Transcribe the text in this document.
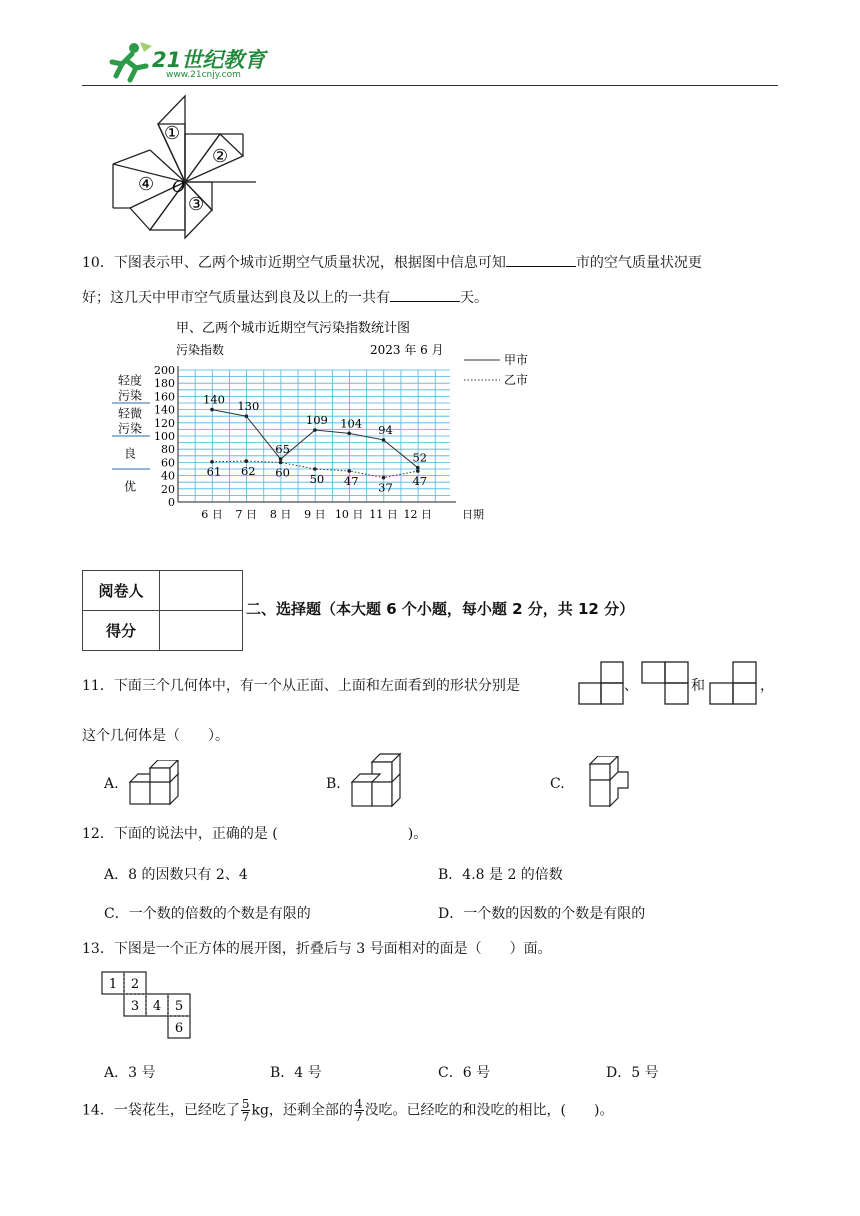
21世纪教育
www.21cnjy.com
①
②
③
④ O
10．下图表示甲、乙两个城市近期空气质量状况，根据图中信息可知	市的空气质量状况更
好；这几天中甲市空气质量达到良及以上的一共有	天。
甲、乙两个城市近期空气污染指数统计图
污染指数	2023 年 6 月
0
20
40
60
80
100
120
140
160
180
200
轻度
污染
轻微
污染
良
优
6 日 7 日 8 日 9 日 10 日 11 日 12 日	日期
140 130
65
109 104 94
52
甲市
61 62 60 50 47 37 47
乙市
阅卷人	
得分	
二、选择题（本大题 6 个小题，每小题 2 分，共 12 分）
11．下面三个几何体中，有一个从正面、上面和左面看到的形状分别是	、	和	，
这个几何体是（　　）。
A.	B.	C.
12．下面的说法中，正确的是 (	)。
A．8 的因数只有 2、4	B．4.8 是 2 的倍数
C．一个数的倍数的个数是有限的	D．一个数的因数的个数是有限的
13．下图是一个正方体的展开图，折叠后与 3 号面相对的面是（　　）面。
1 2
3 4 5
6
A．3 号	B．4 号	C．6 号	D．5 号
14．一袋花生，已经吃了 $\frac{5}{7}$ kg，还剩全部的 $\frac{4}{7}$ 没吃。已经吃的和没吃的相比，(　　)。
